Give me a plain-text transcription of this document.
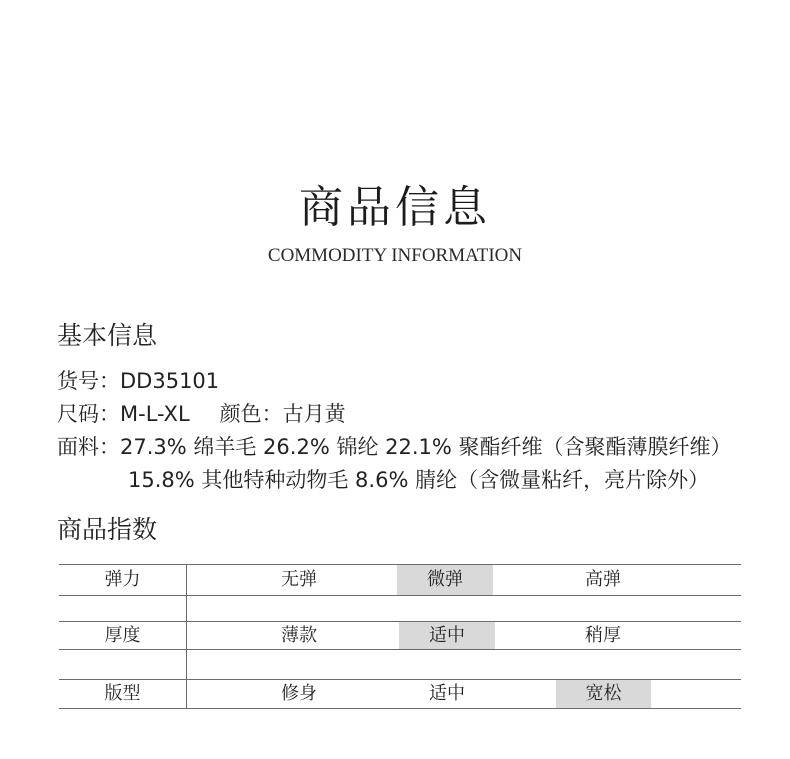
商品信息
COMMODITY INFORMATION
基本信息
货号：DD35101
尺码：M-L-XL 颜色：古月黄
面料：27.3% 绵羊毛 26.2% 锦纶 22.1% 聚酯纤维（含聚酯薄膜纤维）
15.8% 其他特种动物毛 8.6% 腈纶（含微量粘纤，亮片除外）
商品指数
弹力	无弹	微弹	高弹
厚度	薄款	适中	稍厚
版型	修身	适中	宽松
